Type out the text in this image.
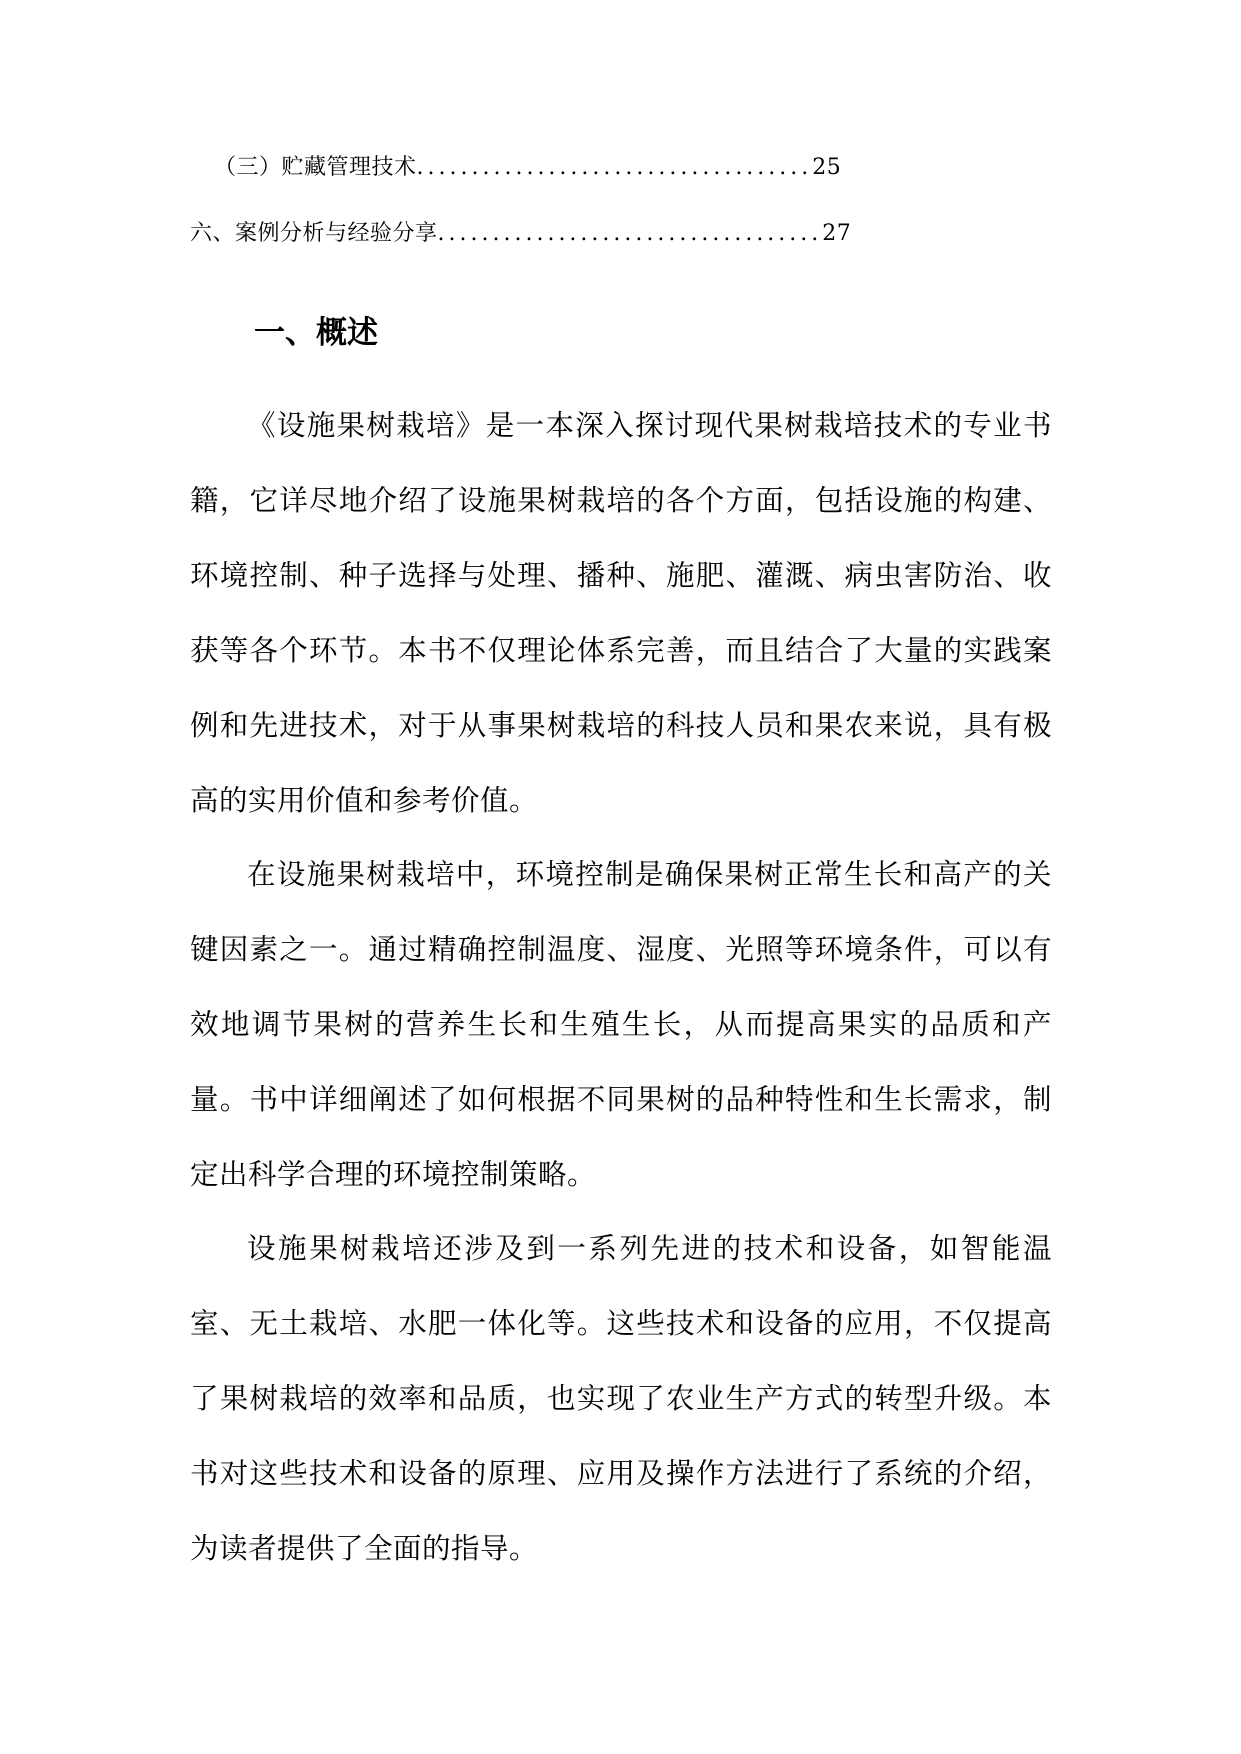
（三）贮藏管理技术....................................25
六、案例分析与经验分享...................................27
一、概述

《设施果树栽培》是一本深入探讨现代果树栽培技术的专业书籍，它详尽地介绍了设施果树栽培的各个方面，包括设施的构建、环境控制、种子选择与处理、播种、施肥、灌溉、病虫害防治、收获等各个环节。本书不仅理论体系完善，而且结合了大量的实践案例和先进技术，对于从事果树栽培的科技人员和果农来说，具有极高的实用价值和参考价值。

在设施果树栽培中，环境控制是确保果树正常生长和高产的关键因素之一。通过精确控制温度、湿度、光照等环境条件，可以有效地调节果树的营养生长和生殖生长，从而提高果实的品质和产量。书中详细阐述了如何根据不同果树的品种特性和生长需求，制定出科学合理的环境控制策略。

设施果树栽培还涉及到一系列先进的技术和设备，如智能温室、无土栽培、水肥一体化等。这些技术和设备的应用，不仅提高了果树栽培的效率和品质，也实现了农业生产方式的转型升级。本书对这些技术和设备的原理、应用及操作方法进行了系统的介绍，为读者提供了全面的指导。
